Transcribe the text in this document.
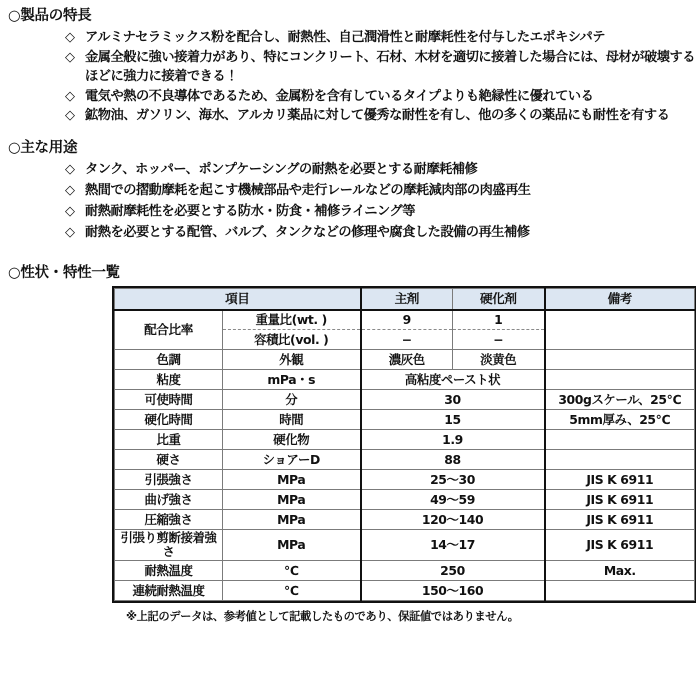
○製品の特長
◇ アルミナセラミックス粉を配合し、耐熱性、自己潤滑性と耐摩耗性を付与したエポキシパテ
◇ 金属全般に強い接着力があり、特にコンクリート、石材、木材を適切に接着した場合には、母材が破壊するほどに強力に接着できる！
◇ 電気や熱の不良導体であるため、金属粉を含有しているタイプよりも絶縁性に優れている
◇ 鉱物油、ガソリン、海水、アルカリ薬品に対して優秀な耐性を有し、他の多くの薬品にも耐性を有する
○主な用途
◇ タンク、ホッパー、ポンプケーシングの耐熱を必要とする耐摩耗補修
◇ 熱間での摺動摩耗を起こす機械部品や走行レールなどの摩耗減肉部の肉盛再生
◇ 耐熱耐摩耗性を必要とする防水・防食・補修ライニング等
◇ 耐熱を必要とする配管、バルブ、タンクなどの修理や腐食した設備の再生補修
○性状・特性一覧
項目		主剤	硬化剤	備考
配合比率	重量比(wt. )	9	1	
	容積比(vol. )	−	−	
色調	外観	濃灰色	淡黄色	
粘度	mPa・s	高粘度ペースト状		
可使時間	分	30		300gスケール、25℃
硬化時間	時間	15		5mm厚み、25℃
比重	硬化物	1.9		
硬さ	ショアーD	88		
引張強さ	MPa	25〜30		JIS K 6911
曲げ強さ	MPa	49〜59		JIS K 6911
圧縮強さ	MPa	120〜140		JIS K 6911
引張り剪断接着強さ	MPa	14〜17		JIS K 6911
耐熱温度	℃	250		Max.
連続耐熱温度	℃	150〜160		
※上記のデータは、参考値として記載したものであり、保証値ではありません。
